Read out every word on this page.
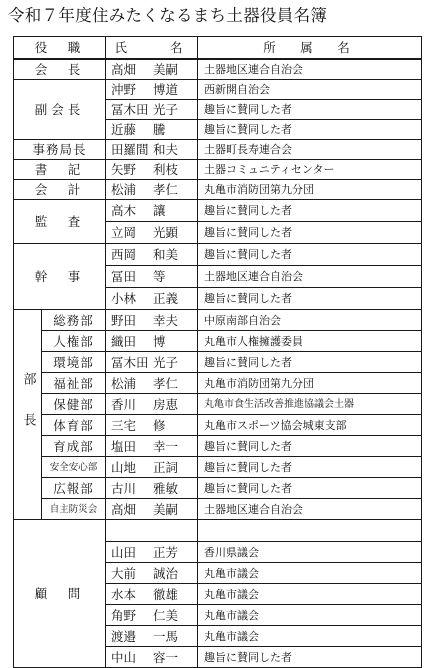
令和７年度住みたくなるまち土器役員名簿
役　職		氏　　名	所　属　名
会　長		高畑 美嗣	土器地区連合自治会
副会長		沖野 博道	西新開自治会
		冨木田 光子	趣旨に賛同した者
		近藤 騰	趣旨に賛同した者
事務局長		田羅間 和夫	土器町長寿連合会
書　記		矢野 利枝	土器コミュニティセンター
会　計		松浦 孝仁	丸亀市消防団第九分団
監　査		高木 讓	趣旨に賛同した者
		立岡 光顕	趣旨に賛同した者
幹　事		西岡 和美	趣旨に賛同した者
		冨田 等	土器地区連合自治会
		小林 正義	趣旨に賛同した者
部長	総務部	野田 幸夫	中原南部自治会
	人権部	織田 博	丸亀市人権擁護委員
	環境部	冨木田 光子	趣旨に賛同した者
	福祉部	松浦 孝仁	丸亀市消防団第九分団
	保健部	香川 房恵	丸亀市食生活改善推進協議会土器
	体育部	三宅 修	丸亀市スポーツ協会城東支部
	育成部	塩田 幸一	趣旨に賛同した者
	安全安心部	山地 正詞	趣旨に賛同した者
	広報部	古川 雅敏	趣旨に賛同した者
	自主防災会	高畑 美嗣	土器地区連合自治会
顧　問			
		山田 正芳	香川県議会
		大前 誠治	丸亀市議会
		水本 徹雄	丸亀市議会
		角野 仁美	丸亀市議会
		渡邉 一馬	丸亀市議会
		中山 容一	趣旨に賛同した者
